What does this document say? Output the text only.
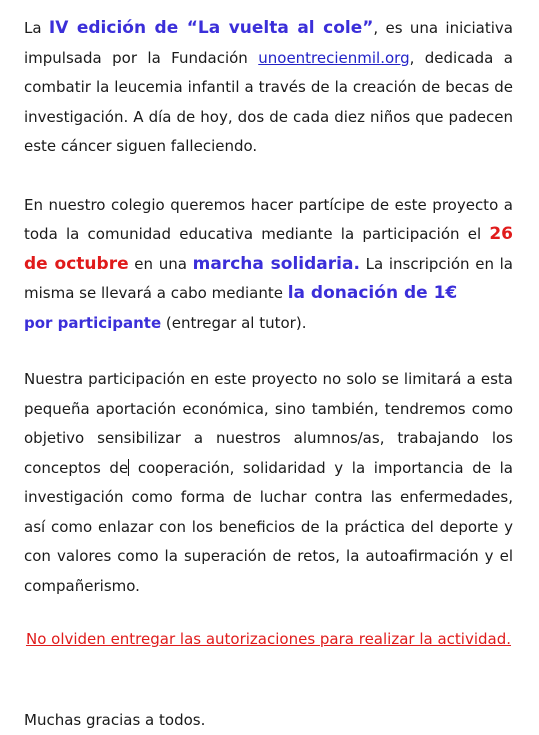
La IV edición de “La vuelta al cole”, es una iniciativa impulsada por la Fundación unoentrecienmil.org, dedicada a combatir la leucemia infantil a través de la creación de becas de investigación. A día de hoy, dos de cada diez niños que padecen este cáncer siguen falleciendo.

En nuestro colegio queremos hacer partícipe de este proyecto a toda la comunidad educativa mediante la participación el 26 de octubre en una marcha solidaria. La inscripción en la misma se llevará a cabo mediante la donación de 1€
por participante (entregar al tutor).

Nuestra participación en este proyecto no solo se limitará a esta pequeña aportación económica, sino también, tendremos como objetivo sensibilizar a nuestros alumnos/as, trabajando los conceptos de cooperación, solidaridad y la importancia de la investigación como forma de luchar contra las enfermedades, así como enlazar con los beneficios de la práctica del deporte y con valores como la superación de retos, la autoafirmación y el compañerismo.

No olviden entregar las autorizaciones para realizar la actividad.

Muchas gracias a todos.
